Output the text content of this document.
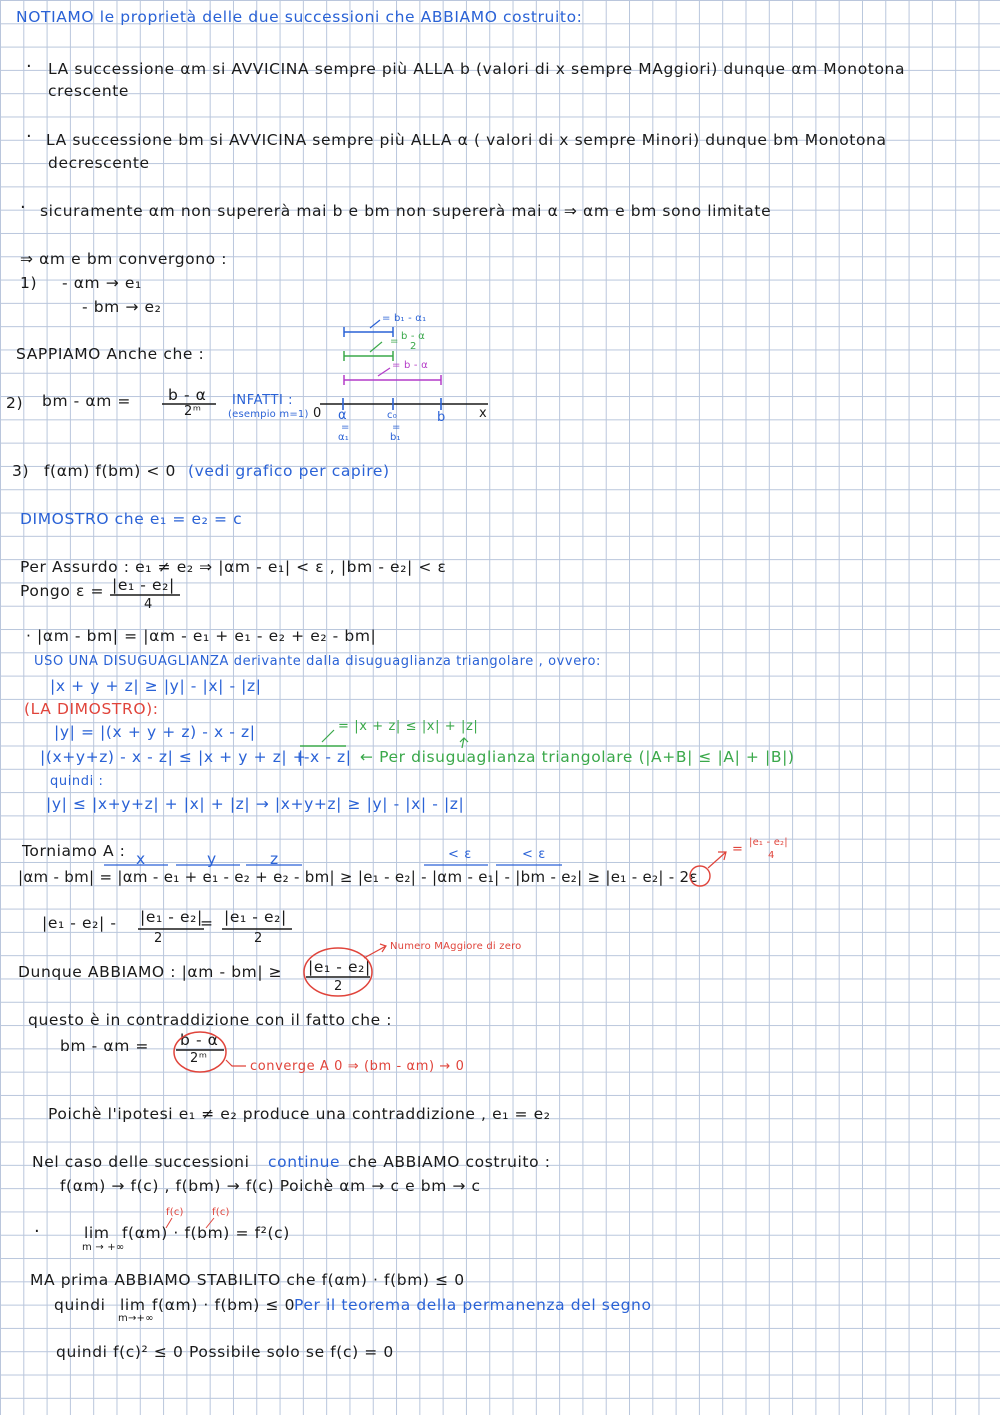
NOTIAMO le proprietà delle due successioni che ABBIAMO costruito:
· LA successione αm si AVVICINA sempre più ALLA b (valori di x sempre MAggiori) dunque αm Monotona
crescente
· LA successione bm si AVVICINA sempre più ALLA α ( valori di x sempre Minori) dunque bm Monotona
decrescente
· sicuramente αm non supererà mai b e bm non supererà mai α ⇒ αm e bm sono limitate
⇒ αm e bm convergono :
1) - αm → e₁
- bm → e₂
SAPPIAMO Anche che :
2) bm - αm = b - α
2ᵐ
INFATTI :
(esempio m=1) 0 α	c₀	b	x
=	=
α₁	b₁
= b₁ - α₁
= b - α
2
= b - α
3) f(αm) f(bm) < 0 (vedi grafico per capire)
DIMOSTRO che e₁ = e₂ = c
Per Assurdo : e₁ ≠ e₂ ⇒ |αm - e₁| < ε , |bm - e₂| < ε
Pongo ε = |e₁ - e₂|
4
· |αm - bm| = |αm - e₁ + e₁ - e₂ + e₂ - bm|
USO UNA DISUGUAGLIANZA derivante dalla disuguaglianza triangolare , ovvero:
|x + y + z| ≥ |y| - |x| - |z|
(LA DIMOSTRO):
|y| = |(x + y + z) - x - z|	= |x + z| ≤ |x| + |z|
|(x+y+z) - x - z| ≤ |x + y + z| +
|-x - z| ← Per disuguaglianza triangolare (|A+B| ≤ |A| + |B|)
quindi :
|y| ≤ |x+y+z| + |x| + |z| → |x+y+z| ≥ |y| - |x| - |z|
Torniamo A : x	y	z	< ε	< ε
|αm - bm| = |αm - e₁ + e₁ - e₂ + e₂ - bm| ≥ |e₁ - e₂| - |αm - e₁| - |bm - e₂| ≥ |e₁ - e₂| - 2ε
= |e₁ - e₂|
4
|e₁ - e₂| - |e₁ - e₂|
2
= |e₁ - e₂|
2
Dunque ABBIAMO : |αm - bm| ≥ |e₁ - e₂|
2
Numero MAggiore di zero
questo è in contraddizione con il fatto che :
bm - αm = b - α
2ᵐ
converge A 0 ⇒ (bm - αm) → 0
Poichè l'ipotesi e₁ ≠ e₂ produce una contraddizione , e₁ = e₂
Nel caso delle successioni continue che ABBIAMO costruito :
f(αm) → f(c) , f(bm) → f(c) Poichè αm → c e bm → c
·	lim
m → +∞
f(αm) · f(bm) = f²(c)
f(c)	f(c)
MA prima ABBIAMO STABILITO che f(αm) · f(bm) ≤ 0
quindi lim
m→+∞
f(αm) · f(bm) ≤ 0
Per il teorema della permanenza del segno
quindi f(c)² ≤ 0 Possibile solo se f(c) = 0
